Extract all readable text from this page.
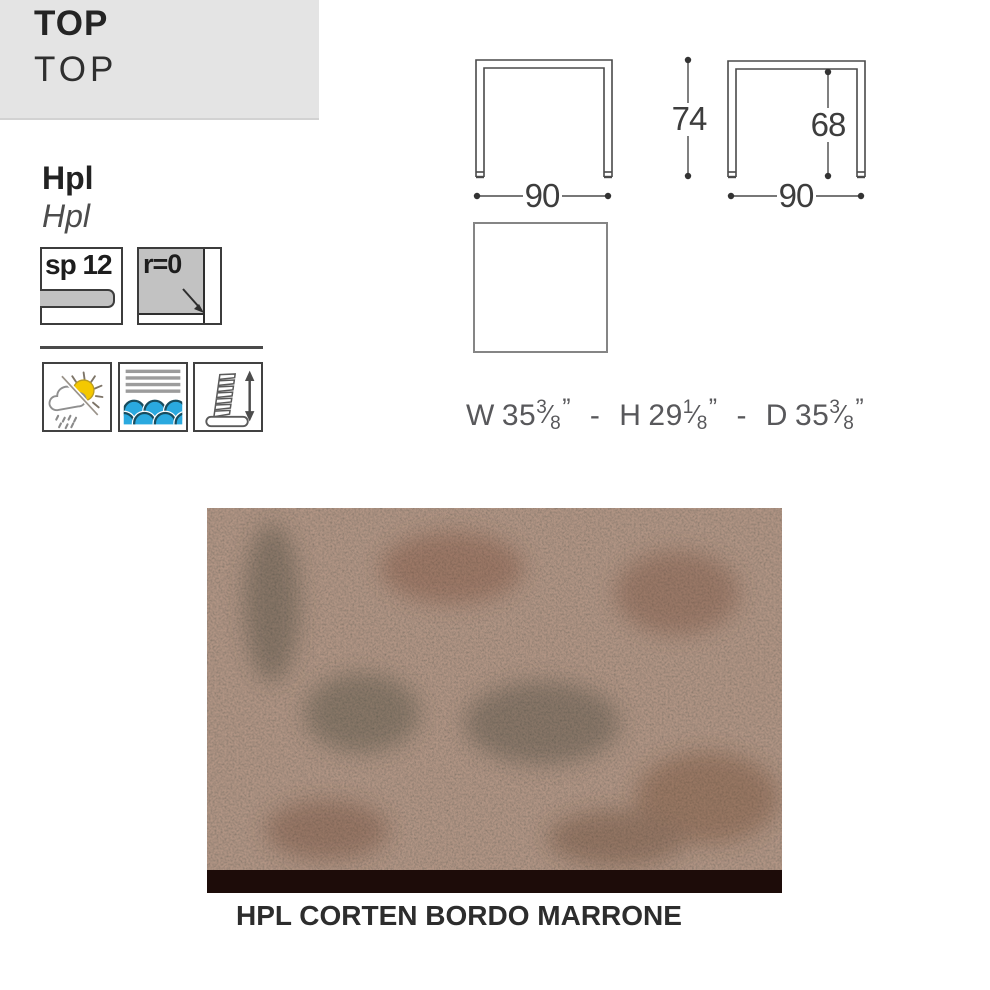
TOP
TOP
Hpl
Hpl
sp 12 r=0
90
74	68
90
W $35^3⁄8^”$ - H $29^1⁄8^”$ - D $35^3⁄8^”$
HPL CORTEN BORDO MARRONE
